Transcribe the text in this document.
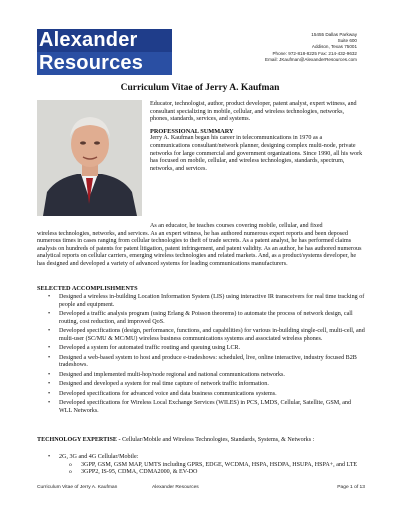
Alexander
Resources
15455 Dallas Parkway
Suite 600
Addison, Texas 75001
Phone: 972-818-8225 Fax: 214-432-9632
Email: JKaufman@AlexanderResources.com
Curriculum Vitae of Jerry A. Kaufman

Educator, technologist, author, product developer, patent analyst, expert witness, and consultant specializing in mobile, cellular, and wireless technologies, networks, phones, standards, services, and systems.

PROFESSIONAL SUMMARY

Jerry A. Kaufman began his career in telecommunications in 1970 as a communications consultant/network planner, designing complex multi-node, private networks for large commercial and government organizations. Since 1990, all his work has focused on mobile, cellular, and wireless technologies, standards, spectrum, networks, and services.

As an educator, he teaches courses covering mobile, cellular, and fixed
wireless technologies, networks, and services. As an expert witness, he has authored numerous expert reports and been deposed numerous times in cases ranging from cellular technologies to theft of trade secrets. As a patent analyst, he has performed claims analysis on hundreds of patents for patent litigation, patent infringement, and patent validity. As an author, he has authored numerous analytical reports on cellular carriers, emerging wireless technologies and related markets. And, as a product/systems developer, he has designed and developed a variety of advanced systems for leading communications manufacturers.
SELECTED ACCOMPLISHMENTS
• Designed a wireless in-building Location Information System (LIS) using interactive IR transceivers for real time tracking of people and equipment.
• Developed a traffic analysis program (using Erlang & Poisson theorems) to automate the process of network design, call routing, cost reduction, and improved QoS.
• Developed specifications (design, performance, functions, and capabilities) for various in-building single-cell, multi-cell, and multi-user (SC/MU & MC/MU) wireless business communications systems and associated wireless phones.
• Developed a system for automated traffic routing and queuing using LCR.
• Designed a web-based system to host and produce e-tradeshows: scheduled, live, online interactive, industry focused B2B tradeshows.
• Designed and implemented multi-hop/node regional and national communications networks.
• Designed and developed a system for real time capture of network traffic information.
• Developed specifications for advanced voice and data business communications systems.
• Developed specifications for Wireless Local Exchange Services (WILES) in PCS, LMDS, Cellular, Satellite, GSM, and WLL Networks.
TECHNOLOGY EXPERTISE - Cellular/Mobile and Wireless Technologies, Standards, Systems, & Networks :
• 2G, 3G and 4G Cellular/Mobile:
o 3GPP, GSM, GSM MAP, UMTS including GPRS, EDGE, WCDMA, HSPA, HSDPA, HSUPA, HSPA+, and LTE
o 3GPP2, IS-95, CDMA, CDMA2000, & EV-DO
Curriculum Vitae of Jerry A. Kaufman	Alexander Resources	Page 1 of 13
